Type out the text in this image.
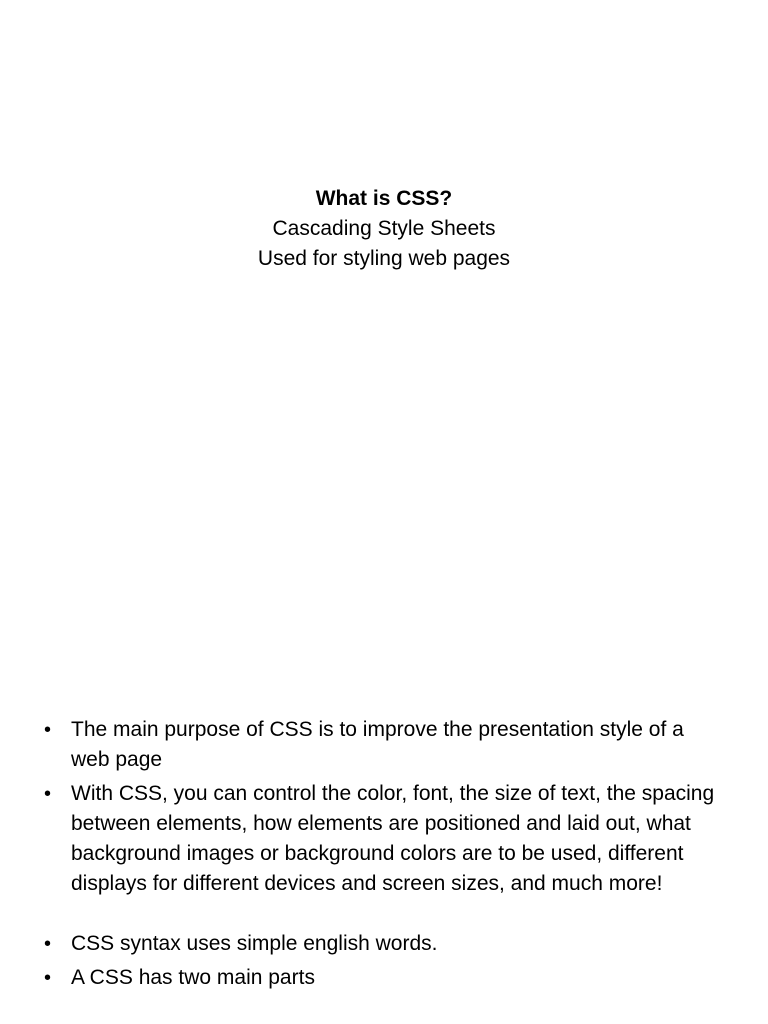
What is CSS?
Cascading Style Sheets
Used for styling web pages
• The main purpose of CSS is to improve the presentation style of a web page
• With CSS, you can control the color, font, the size of text, the spacing between elements, how elements are positioned and laid out, what background images or background colors are to be used, different displays for different devices and screen sizes, and much more!
• CSS syntax uses simple english words.
• A CSS has two main parts
